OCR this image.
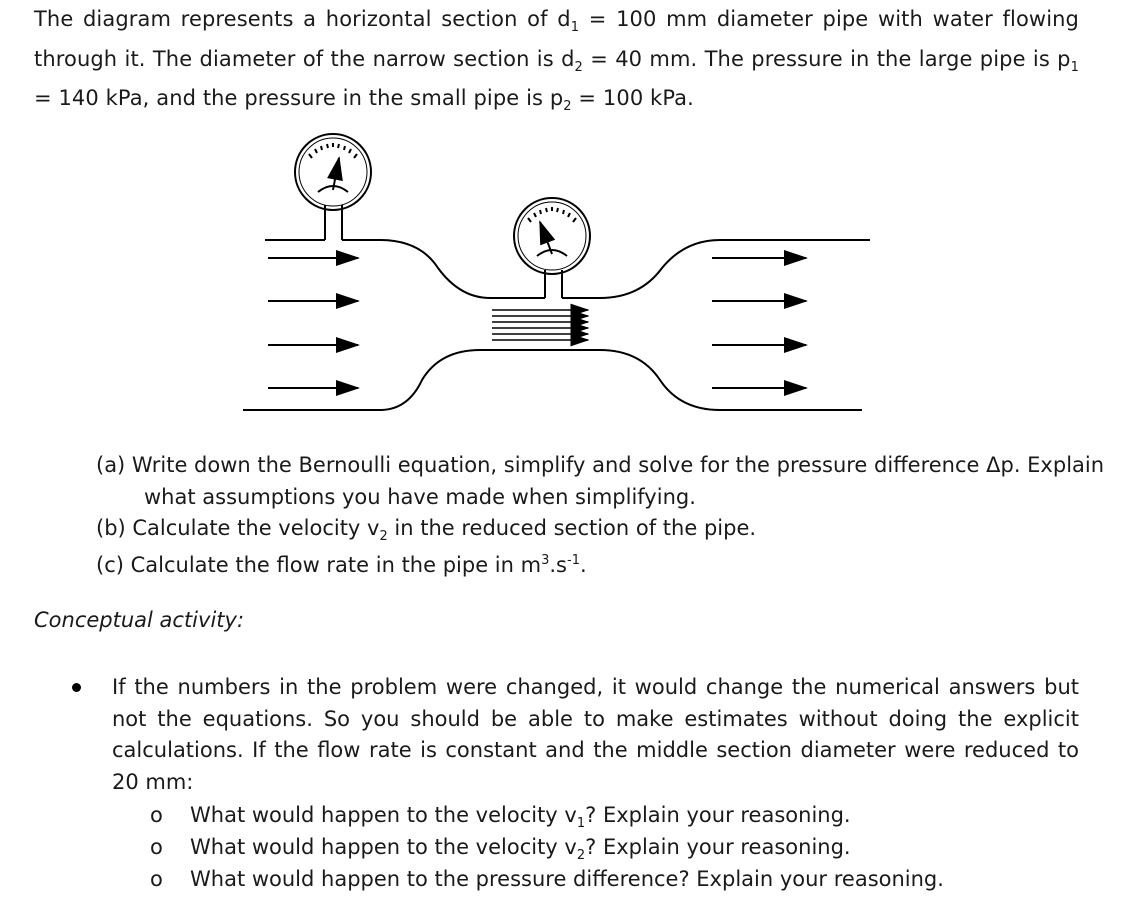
The diagram represents a horizontal section of $d_1 = 100$ mm diameter pipe with water flowing through it. The diameter of the narrow section is $d_2 = 40$ mm. The pressure in the large pipe is $p_1 = 140$ kPa, and the pressure in the small pipe is $p_2 = 100$ kPa.
(a) Write down the Bernoulli equation, simplify and solve for the pressure difference Δp. Explain
what assumptions you have made when simplifying.
(b) Calculate the velocity $v_2$ in the reduced section of the pipe.
(c) Calculate the flow rate in the pipe in $m^3.s^{-1}$.
Conceptual activity:
If the numbers in the problem were changed, it would change the numerical answers but not the equations. So you should be able to make estimates without doing the explicit calculations. If the flow rate is constant and the middle section diameter were reduced to 20 mm:
o What would happen to the velocity $v_1$? Explain your reasoning.
o What would happen to the velocity $v_2$? Explain your reasoning.
o What would happen to the pressure difference? Explain your reasoning.
